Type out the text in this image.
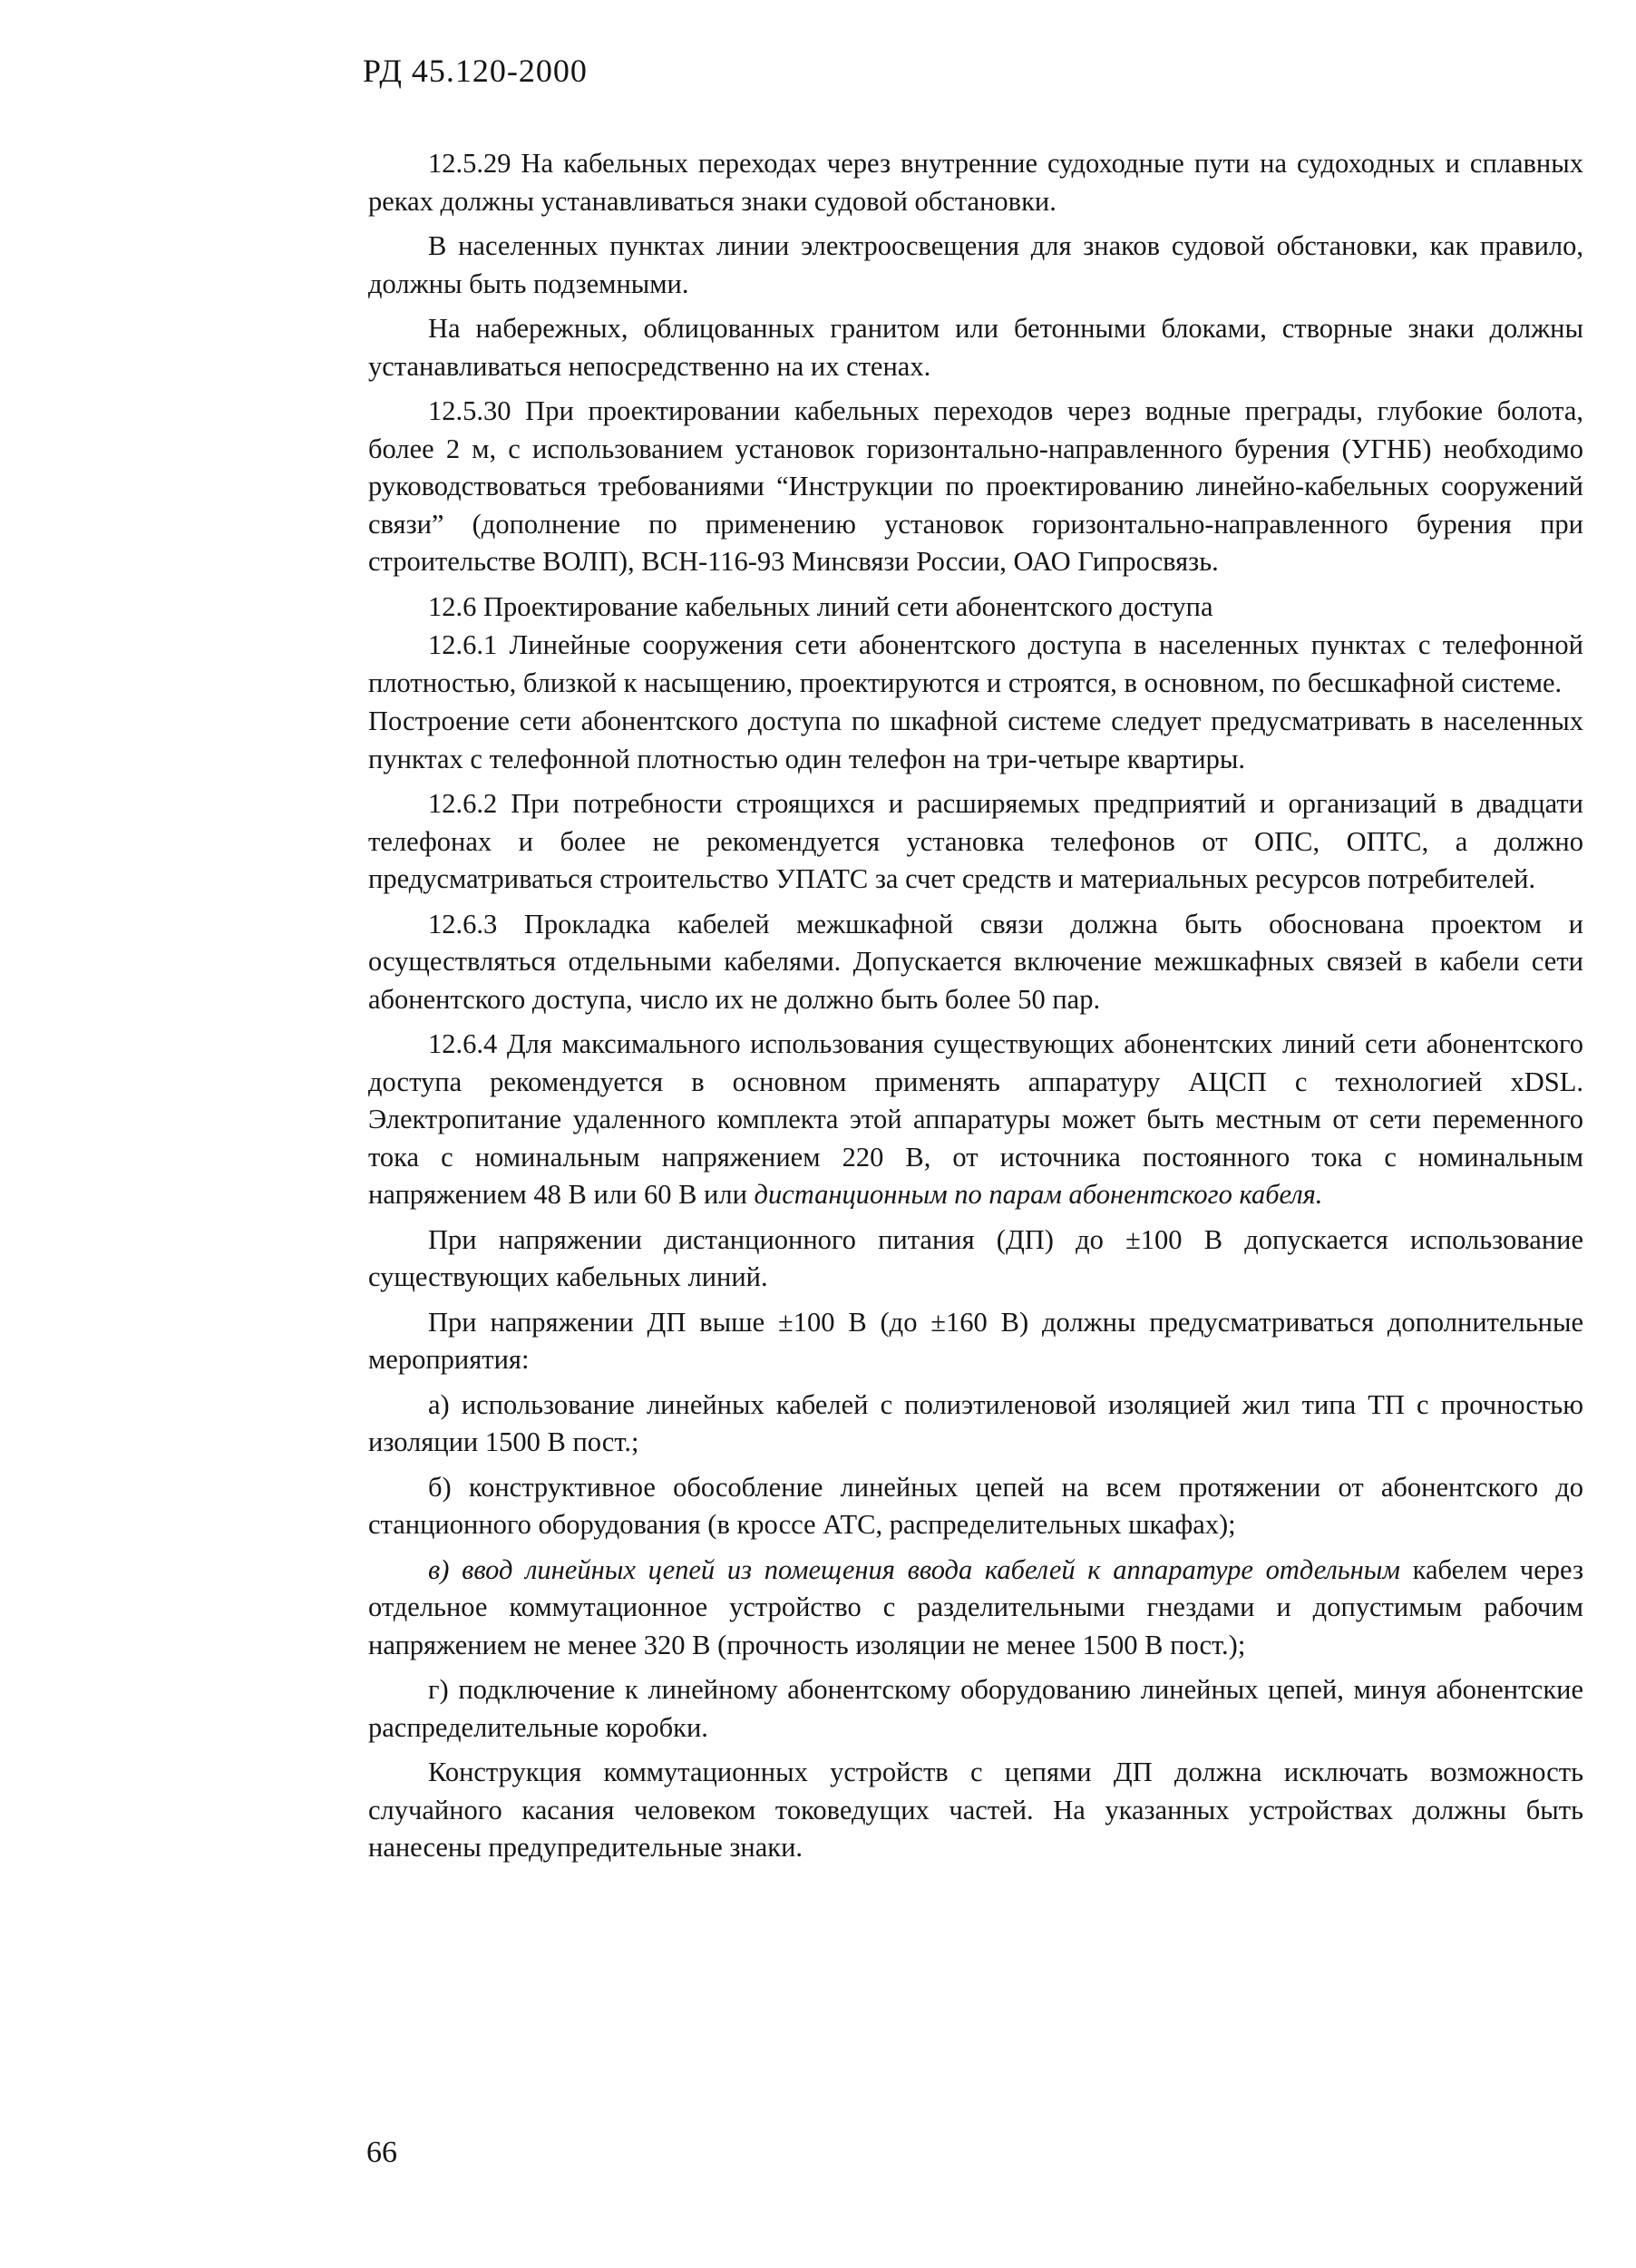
РД 45.120-2000

12.5.29 На кабельных переходах через внутренние судоходные пути на судоходных и сплавных реках должны устанавливаться знаки судовой обстановки.

В населенных пунктах линии электроосвещения для знаков судовой обстановки, как правило, должны быть подземными.

На набережных, облицованных гранитом или бетонными блоками, створные знаки должны устанавливаться непосредственно на их стенах.

12.5.30 При проектировании кабельных переходов через водные преграды, глубокие болота, более 2 м, с использованием установок горизонтально-направленного бурения (УГНБ) необходимо руководствоваться требованиями “Инструкции по проектированию линейно-кабельных сооружений связи” (дополнение по применению установок горизонтально-направленного бурения при строительстве ВОЛП), ВСН-116-93 Минсвязи России, ОАО Гипросвязь.

12.6 Проектирование кабельных линий сети абонентского доступа

12.6.1 Линейные сооружения сети абонентского доступа в населенных пунктах с телефонной плотностью, близкой к насыщению, проектируются и строятся, в основном, по бесшкафной системе.

Построение сети абонентского доступа по шкафной системе следует предусматривать в населенных пунктах с телефонной плотностью один телефон на три-четыре квартиры.

12.6.2 При потребности строящихся и расширяемых предприятий и организаций в двадцати телефонах и более не рекомендуется установка телефонов от ОПС, ОПТС, а должно предусматриваться строительство УПАТС за счет средств и материальных ресурсов потребителей.

12.6.3 Прокладка кабелей межшкафной связи должна быть обоснована проектом и осуществляться отдельными кабелями. Допускается включение межшкафных связей в кабели сети абонентского доступа, число их не должно быть более 50 пар.

12.6.4 Для максимального использования существующих абонентских линий сети абонентского доступа рекомендуется в основном применять аппаратуру АЦСП с технологией xDSL. Электропитание удаленного комплекта этой аппаратуры может быть местным от сети переменного тока с номинальным напряжением 220 В, от источника постоянного тока с номинальным напряжением 48 В или 60 В или дистанционным по парам абонентского кабеля.

При напряжении дистанционного питания (ДП) до ±100 В допускается использование существующих кабельных линий.

При напряжении ДП выше ±100 В (до ±160 В) должны предусматриваться дополнительные мероприятия:

а) использование линейных кабелей с полиэтиленовой изоляцией жил типа ТП с прочностью изоляции 1500 В пост.;

б) конструктивное обособление линейных цепей на всем протяжении от абонентского до станционного оборудования (в кроссе АТС, распределительных шкафах);

в) ввод линейных цепей из помещения ввода кабелей к аппаратуре отдельным кабелем через отдельное коммутационное устройство с разделительными гнездами и допустимым рабочим напряжением не менее 320 В (прочность изоляции не менее 1500 В пост.);

г) подключение к линейному абонентскому оборудованию линейных цепей, минуя абонентские распределительные коробки.

Конструкция коммутационных устройств с цепями ДП должна исключать возможность случайного касания человеком токоведущих частей. На указанных устройствах должны быть нанесены предупредительные знаки.

66
